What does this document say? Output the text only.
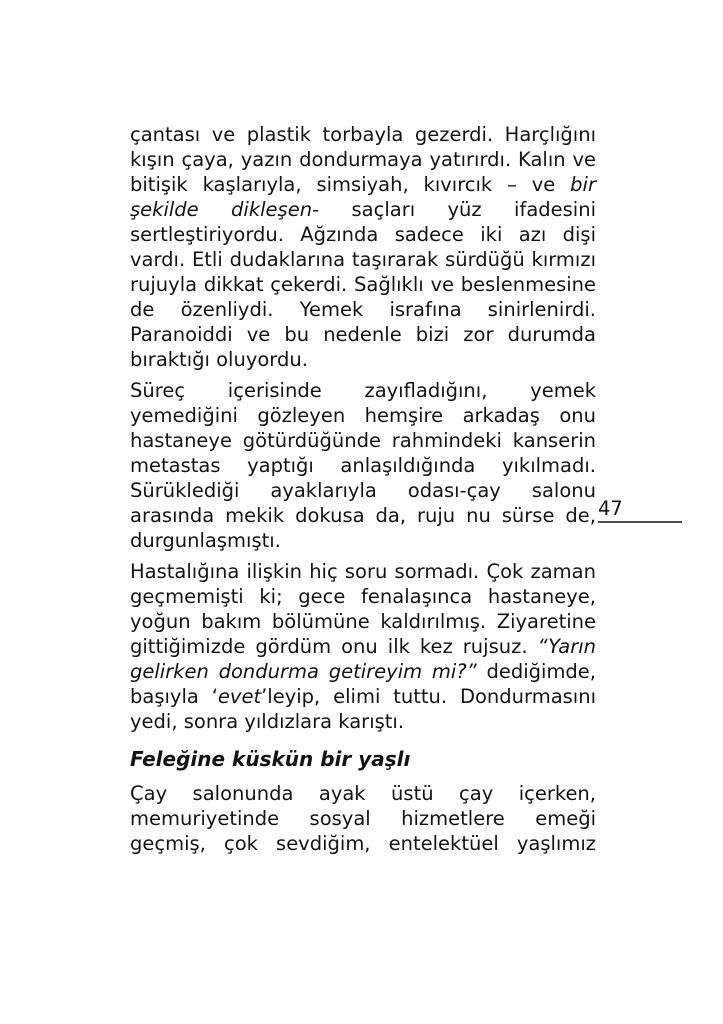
çantası ve plastik torbayla gezerdi. Harçlığını kışın çaya, yazın dondurmaya yatırırdı. Kalın ve bitişik kaşlarıyla, simsiyah, kıvırcık – ve bir şekilde dikleşen- saçları yüz ifadesini sertleştiriyordu. Ağzında sadece iki azı dişi vardı. Etli dudaklarına taşırarak sürdüğü kırmızı rujuyla dikkat çekerdi. Sağlıklı ve beslenmesine de özenliydi. Yemek israfına sinirlenirdi. Paranoiddi ve bu nedenle bizi zor durumda bıraktığı oluyordu.

Süreç içerisinde zayıfladığını, yemek yemediğini gözleyen hemşire arkadaş onu hastaneye götürdüğünde rahmindeki kanserin metastas yaptığı anlaşıldığında yıkılmadı. Sürüklediği ayaklarıyla odası-çay salonu arasında mekik dokusa da, ruju nu sürse de, durgunlaşmıştı.

Hastalığına ilişkin hiç soru sormadı. Çok zaman geçmemişti ki; gece fenalaşınca hastaneye, yoğun bakım bölümüne kaldırılmış. Ziyaretine gittiğimizde gördüm onu ilk kez rujsuz. “Yarın gelirken dondurma getireyim mi?” dediğimde, başıyla ‘evet’leyip, elimi tuttu. Dondurmasını yedi, sonra yıldızlara karıştı.

Feleğine küskün bir yaşlı

Çay salonunda ayak üstü çay içerken, memuriyetinde sosyal hizmetlere emeği geçmiş, çok sevdiğim, entelektüel yaşlımız

47
